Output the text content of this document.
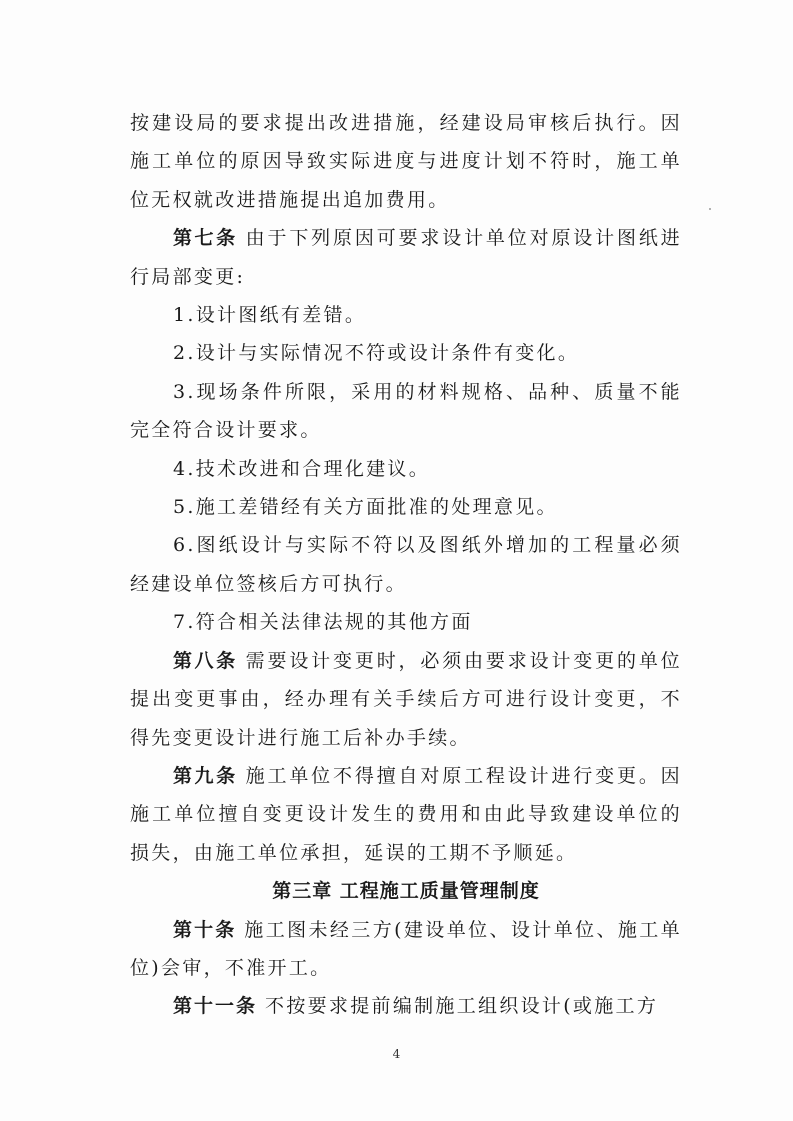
按建设局的要求提出改进措施，经建设局审核后执行。因施工单位的原因导致实际进度与进度计划不符时，施工单位无权就改进措施提出追加费用。

第七条 由于下列原因可要求设计单位对原设计图纸进行局部变更:

1.设计图纸有差错。

2.设计与实际情况不符或设计条件有变化。

3.现场条件所限，采用的材料规格、品种、质量不能完全符合设计要求。

4.技术改进和合理化建议。

5.施工差错经有关方面批准的处理意见。

6.图纸设计与实际不符以及图纸外增加的工程量必须经建设单位签核后方可执行。

7.符合相关法律法规的其他方面

第八条 需要设计变更时，必须由要求设计变更的单位提出变更事由，经办理有关手续后方可进行设计变更，不得先变更设计进行施工后补办手续。

第九条 施工单位不得擅自对原工程设计进行变更。因施工单位擅自变更设计发生的费用和由此导致建设单位的损失，由施工单位承担，延误的工期不予顺延。

第三章 工程施工质量管理制度

第十条 施工图未经三方(建设单位、设计单位、施工单位)会审，不准开工。

第十一条 不按要求提前编制施工组织设计(或施工方

4
